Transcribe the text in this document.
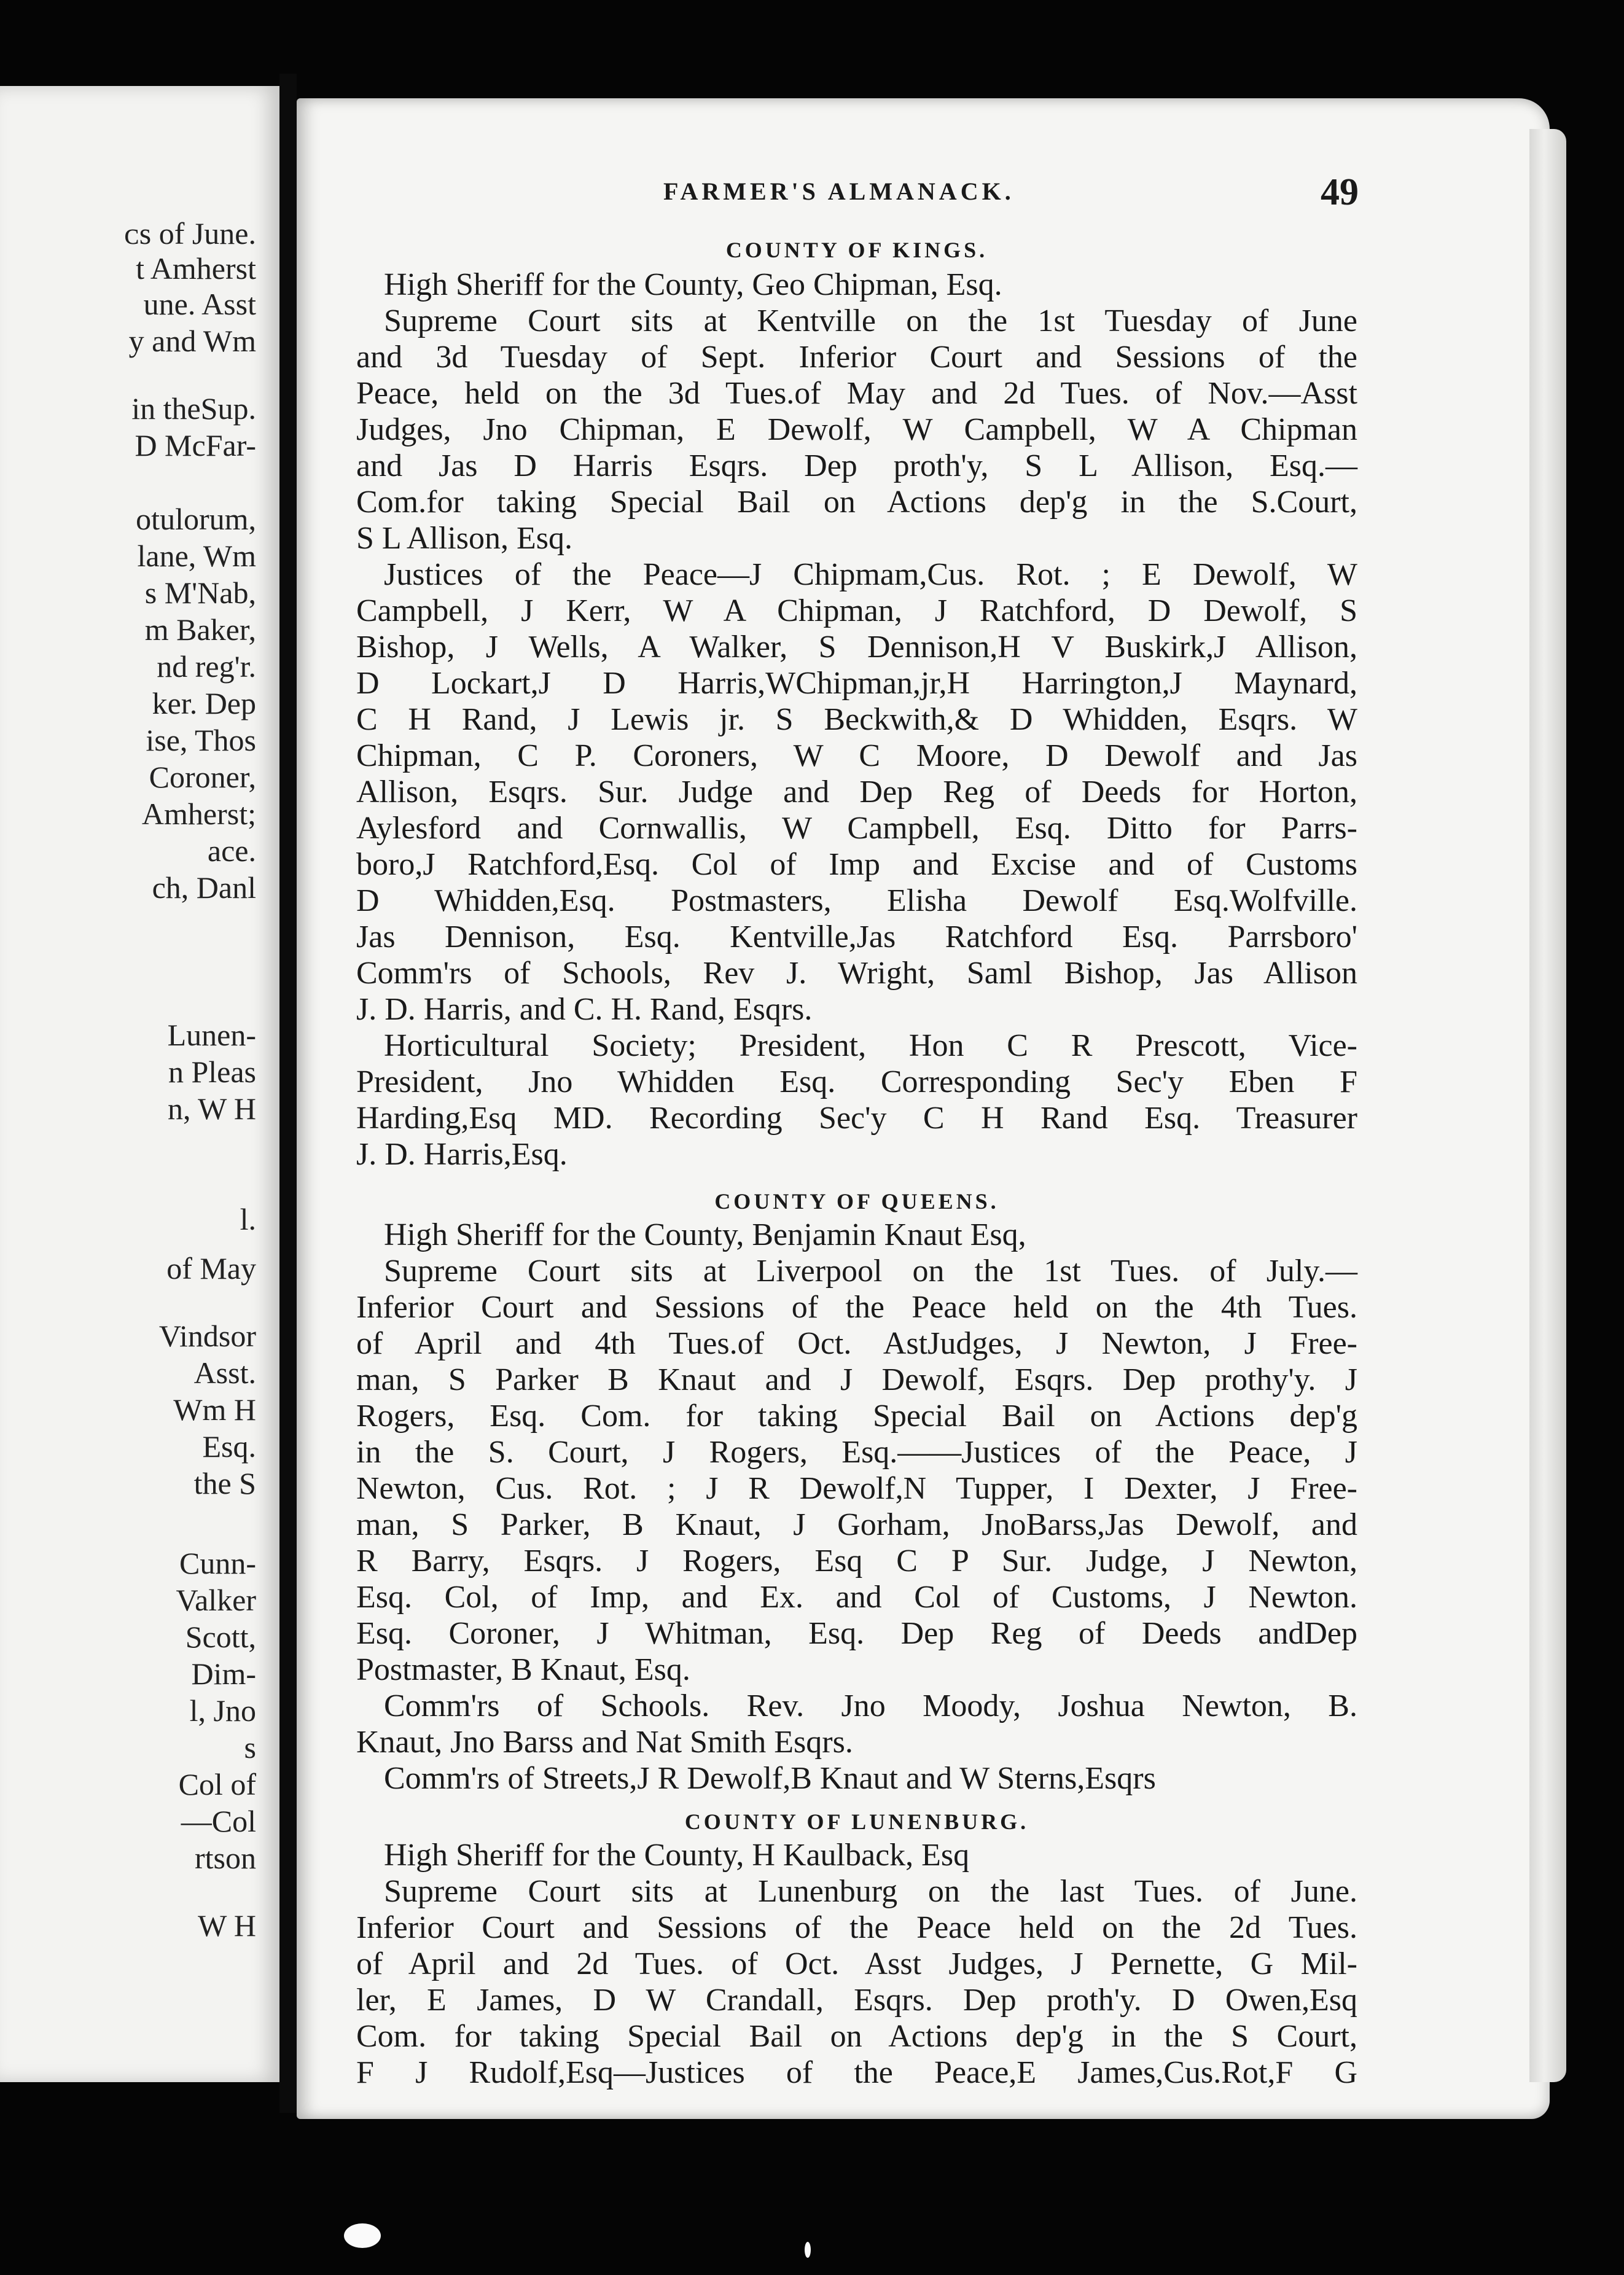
ᴄs of June.
t Amherst
une. Asst
y and Wm
in theSup.
D McFar-
otulorum,
lane, Wm
s M'Nab,
m Baker,
nd reg'r.
ker. Dep
ise, Thos
Coroner,
Amherst;
ace.
ch, Danl
Lunen-
n Pleas
n, W H
l.
of May
Vindsor
Asst.
Wm H
Esq.
the S
Cunn-
Valker
Scott,
Dim-
l, Jno
s
Col of
—Col
rtson
W H
FARMER'S ALMANACK.	49
COUNTY OF KINGS.
High Sheriff for the County, Geo Chipman, Esq.
Supreme Court sits at Kentville on the 1st Tuesday of June
and 3d Tuesday of Sept. Inferior Court and Sessions of the
Peace, held on the 3d Tues.of May and 2d Tues. of Nov.—Asst
Judges, Jno Chipman, E Dewolf, W Campbell, W A Chipman
and Jas D Harris Esqrs. Dep proth'y, S L Allison, Esq.—
Com.for taking Special Bail on Actions dep'g in the S.Court,
S L Allison, Esq.
Justices of the Peace—J Chipmam,Cus. Rot. ; E Dewolf, W
Campbell, J Kerr, W A Chipman, J Ratchford, D Dewolf, S
Bishop, J Wells, A Walker, S Dennison,H V Buskirk,J Allison,
D Lockart,J D Harris,WChipman,jr,H Harrington,J Maynard,
C H Rand, J Lewis jr. S Beckwith,& D Whidden, Esqrs. W
Chipman, C P. Coroners, W C Moore, D Dewolf and Jas
Allison, Esqrs. Sur. Judge and Dep Reg of Deeds for Horton,
Aylesford and Cornwallis, W Campbell, Esq. Ditto for Parrs-
boro,J Ratchford,Esq. Col of Imp and Excise and of Customs
D Whidden,Esq. Postmasters, Elisha Dewolf Esq.Wolfville.
Jas Dennison, Esq. Kentville,Jas Ratchford Esq. Parrsboro'
Comm'rs of Schools, Rev J. Wright, Saml Bishop, Jas Allison
J. D. Harris, and C. H. Rand, Esqrs.
Horticultural Society; President, Hon C R Prescott, Vice-
President, Jno Whidden Esq. Corresponding Sec'y Eben F
Harding,Esq MD. Recording Sec'y C H Rand Esq. Treasurer
J. D. Harris,Esq.
COUNTY OF QUEENS.
High Sheriff for the County, Benjamin Knaut Esq,
Supreme Court sits at Liverpool on the 1st Tues. of July.—
Inferior Court and Sessions of the Peace held on the 4th Tues.
of April and 4th Tues.of Oct. AstJudges, J Newton, J Free-
man, S Parker B Knaut and J Dewolf, Esqrs. Dep prothy'y. J
Rogers, Esq. Com. for taking Special Bail on Actions dep'g
in the S. Court, J Rogers, Esq.——Justices of the Peace, J
Newton, Cus. Rot. ; J R Dewolf,N Tupper, I Dexter, J Free-
man, S Parker, B Knaut, J Gorham, JnoBarss,Jas Dewolf, and
R Barry, Esqrs. J Rogers, Esq C P Sur. Judge, J Newton,
Esq. Col, of Imp, and Ex. and Col of Customs, J Newton.
Esq. Coroner, J Whitman, Esq. Dep Reg of Deeds andDep
Postmaster, B Knaut, Esq.
Comm'rs of Schools. Rev. Jno Moody, Joshua Newton, B.
Knaut, Jno Barss and Nat Smith Esqrs.
Comm'rs of Streets,J R Dewolf,B Knaut and W Sterns,Esqrs
COUNTY OF LUNENBURG.
High Sheriff for the County, H Kaulback, Esq
Supreme Court sits at Lunenburg on the last Tues. of June.
Inferior Court and Sessions of the Peace held on the 2d Tues.
of April and 2d Tues. of Oct. Asst Judges, J Pernette, G Mil-
ler, E James, D W Crandall, Esqrs. Dep proth'y. D Owen,Esq
Com. for taking Special Bail on Actions dep'g in the S Court,
F J Rudolf,Esq—Justices of the Peace,E James,Cus.Rot,F G
